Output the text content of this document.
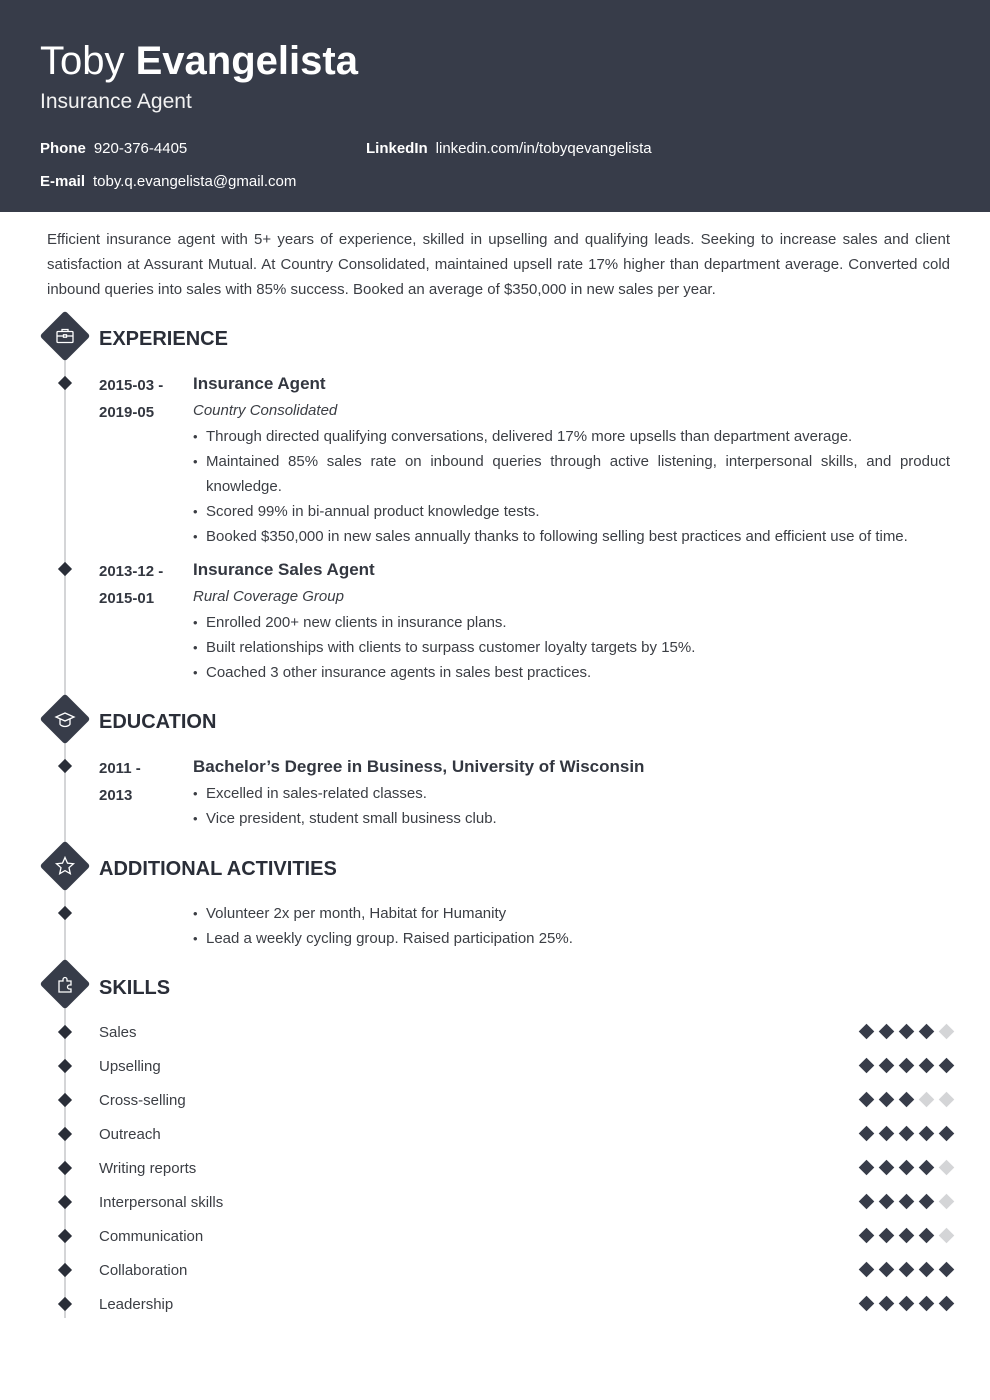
Toby Evangelista
Insurance Agent
Phone 920-376-4405	LinkedIn linkedin.com/in/tobyqevangelista
E-mail toby.q.evangelista@gmail.com
Efficient insurance agent with 5+ years of experience, skilled in upselling and qualifying leads. Seeking to increase sales and client satisfaction at Assurant Mutual. At Country Consolidated, maintained upsell rate 17% higher than department average. Converted cold inbound queries into sales with 85% success. Booked an average of $350,000 in new sales per year.
EXPERIENCE
2015-03 -
2019-05
Insurance Agent
Country Consolidated
• Through directed qualifying conversations, delivered 17% more upsells than department average.
• Maintained 85% sales rate on inbound queries through active listening, interpersonal skills, and product knowledge.
• Scored 99% in bi-annual product knowledge tests.
• Booked $350,000 in new sales annually thanks to following selling best practices and efficient use of time.
2013-12 -
2015-01
Insurance Sales Agent
Rural Coverage Group
• Enrolled 200+ new clients in insurance plans.
• Built relationships with clients to surpass customer loyalty targets by 15%.
• Coached 3 other insurance agents in sales best practices.
EDUCATION
2011 -
2013
Bachelor’s Degree in Business, University of Wisconsin
• Excelled in sales-related classes.
• Vice president, student small business club.
ADDITIONAL ACTIVITIES
• Volunteer 2x per month, Habitat for Humanity
• Lead a weekly cycling group. Raised participation 25%.
SKILLS
Sales
Upselling
Cross-selling
Outreach
Writing reports
Interpersonal skills
Communication
Collaboration
Leadership
